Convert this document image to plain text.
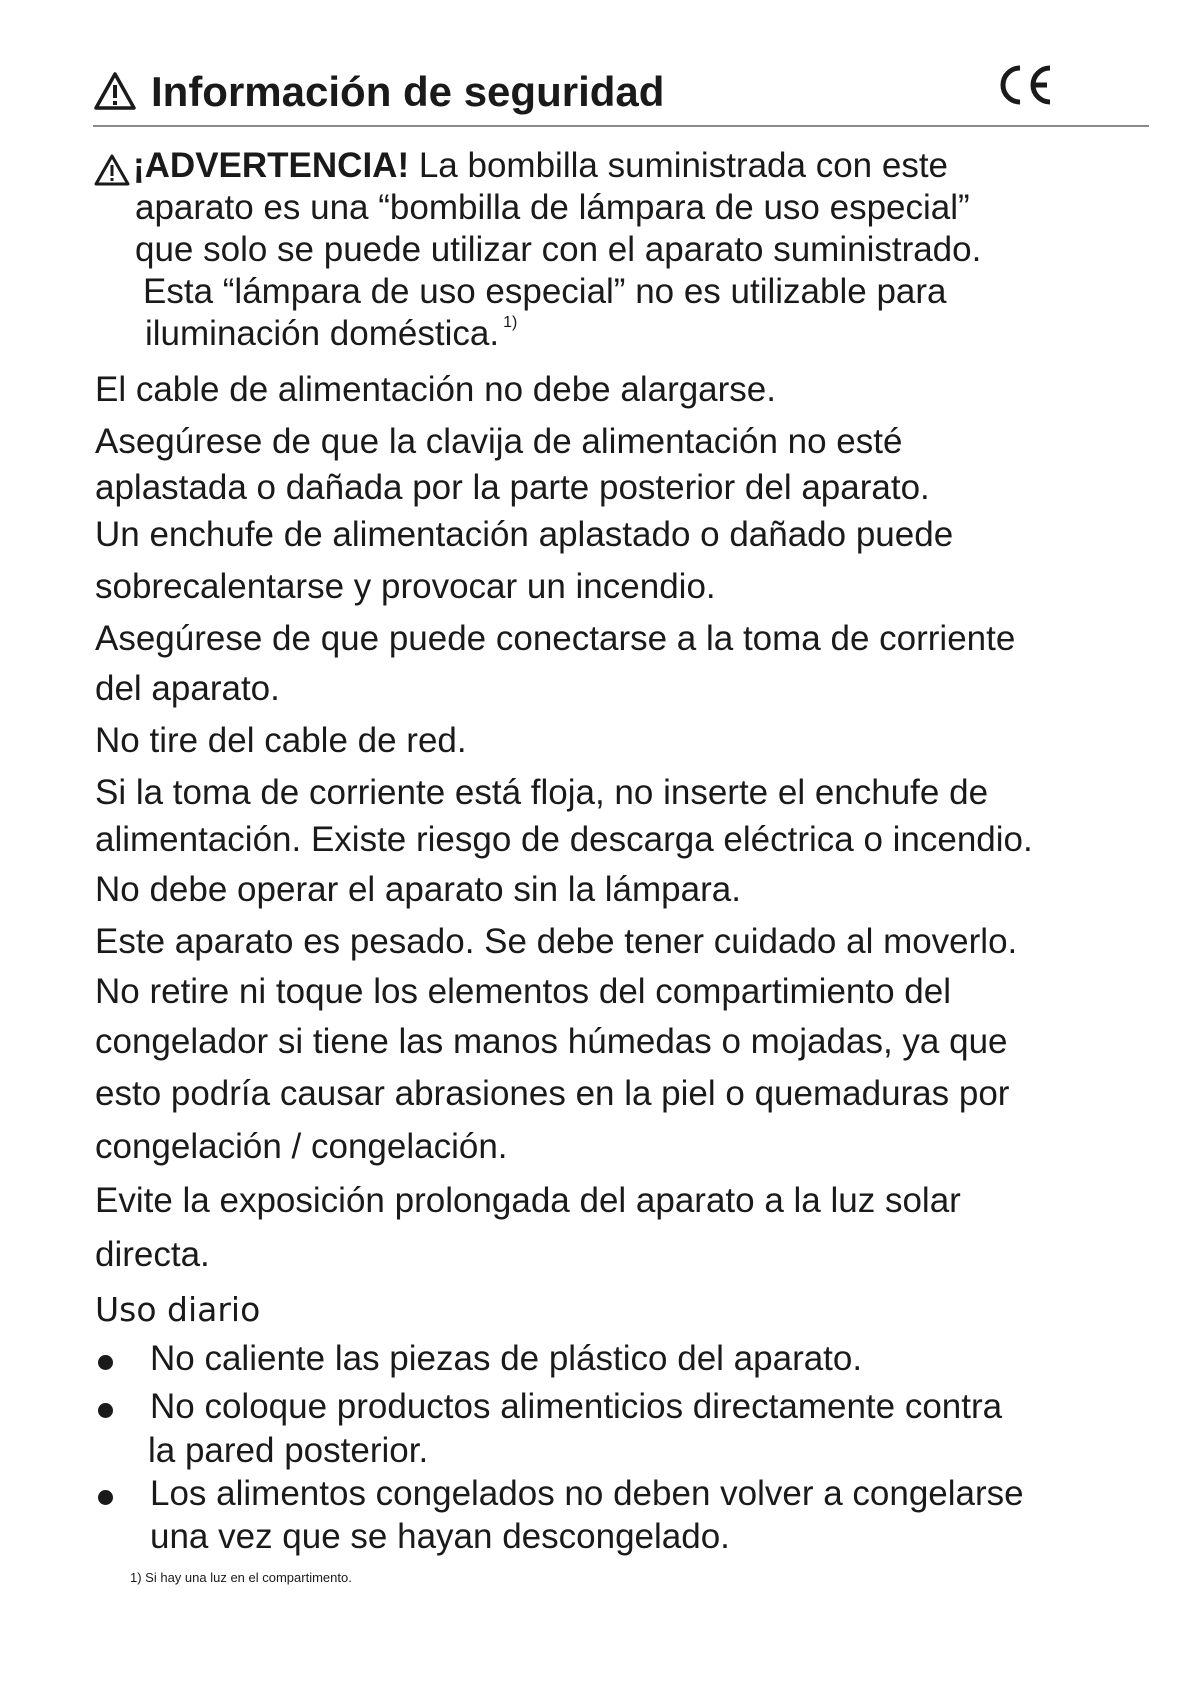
Información de seguridad
¡ADVERTENCIA! La bombilla suministrada con este
aparato es una “bombilla de lámpara de uso especial”
que solo se puede utilizar con el aparato suministrado.
Esta “lámpara de uso especial” no es utilizable para
iluminación doméstica. $^{1)}$
El cable de alimentación no debe alargarse.
Asegúrese de que la clavija de alimentación no esté
aplastada o dañada por la parte posterior del aparato.
Un enchufe de alimentación aplastado o dañado puede
sobrecalentarse y provocar un incendio.
Asegúrese de que puede conectarse a la toma de corriente
del aparato.
No tire del cable de red.
Si la toma de corriente está floja, no inserte el enchufe de
alimentación. Existe riesgo de descarga eléctrica o incendio.
No debe operar el aparato sin la lámpara.
Este aparato es pesado. Se debe tener cuidado al moverlo.
No retire ni toque los elementos del compartimiento del
congelador si tiene las manos húmedas o mojadas, ya que
esto podría causar abrasiones en la piel o quemaduras por
congelación / congelación.
Evite la exposición prolongada del aparato a la luz solar
directa.
Uso diario
No caliente las piezas de plástico del aparato.
No coloque productos alimenticios directamente contra
la pared posterior.
Los alimentos congelados no deben volver a congelarse
una vez que se hayan descongelado.
1) Si hay una luz en el compartimento.
